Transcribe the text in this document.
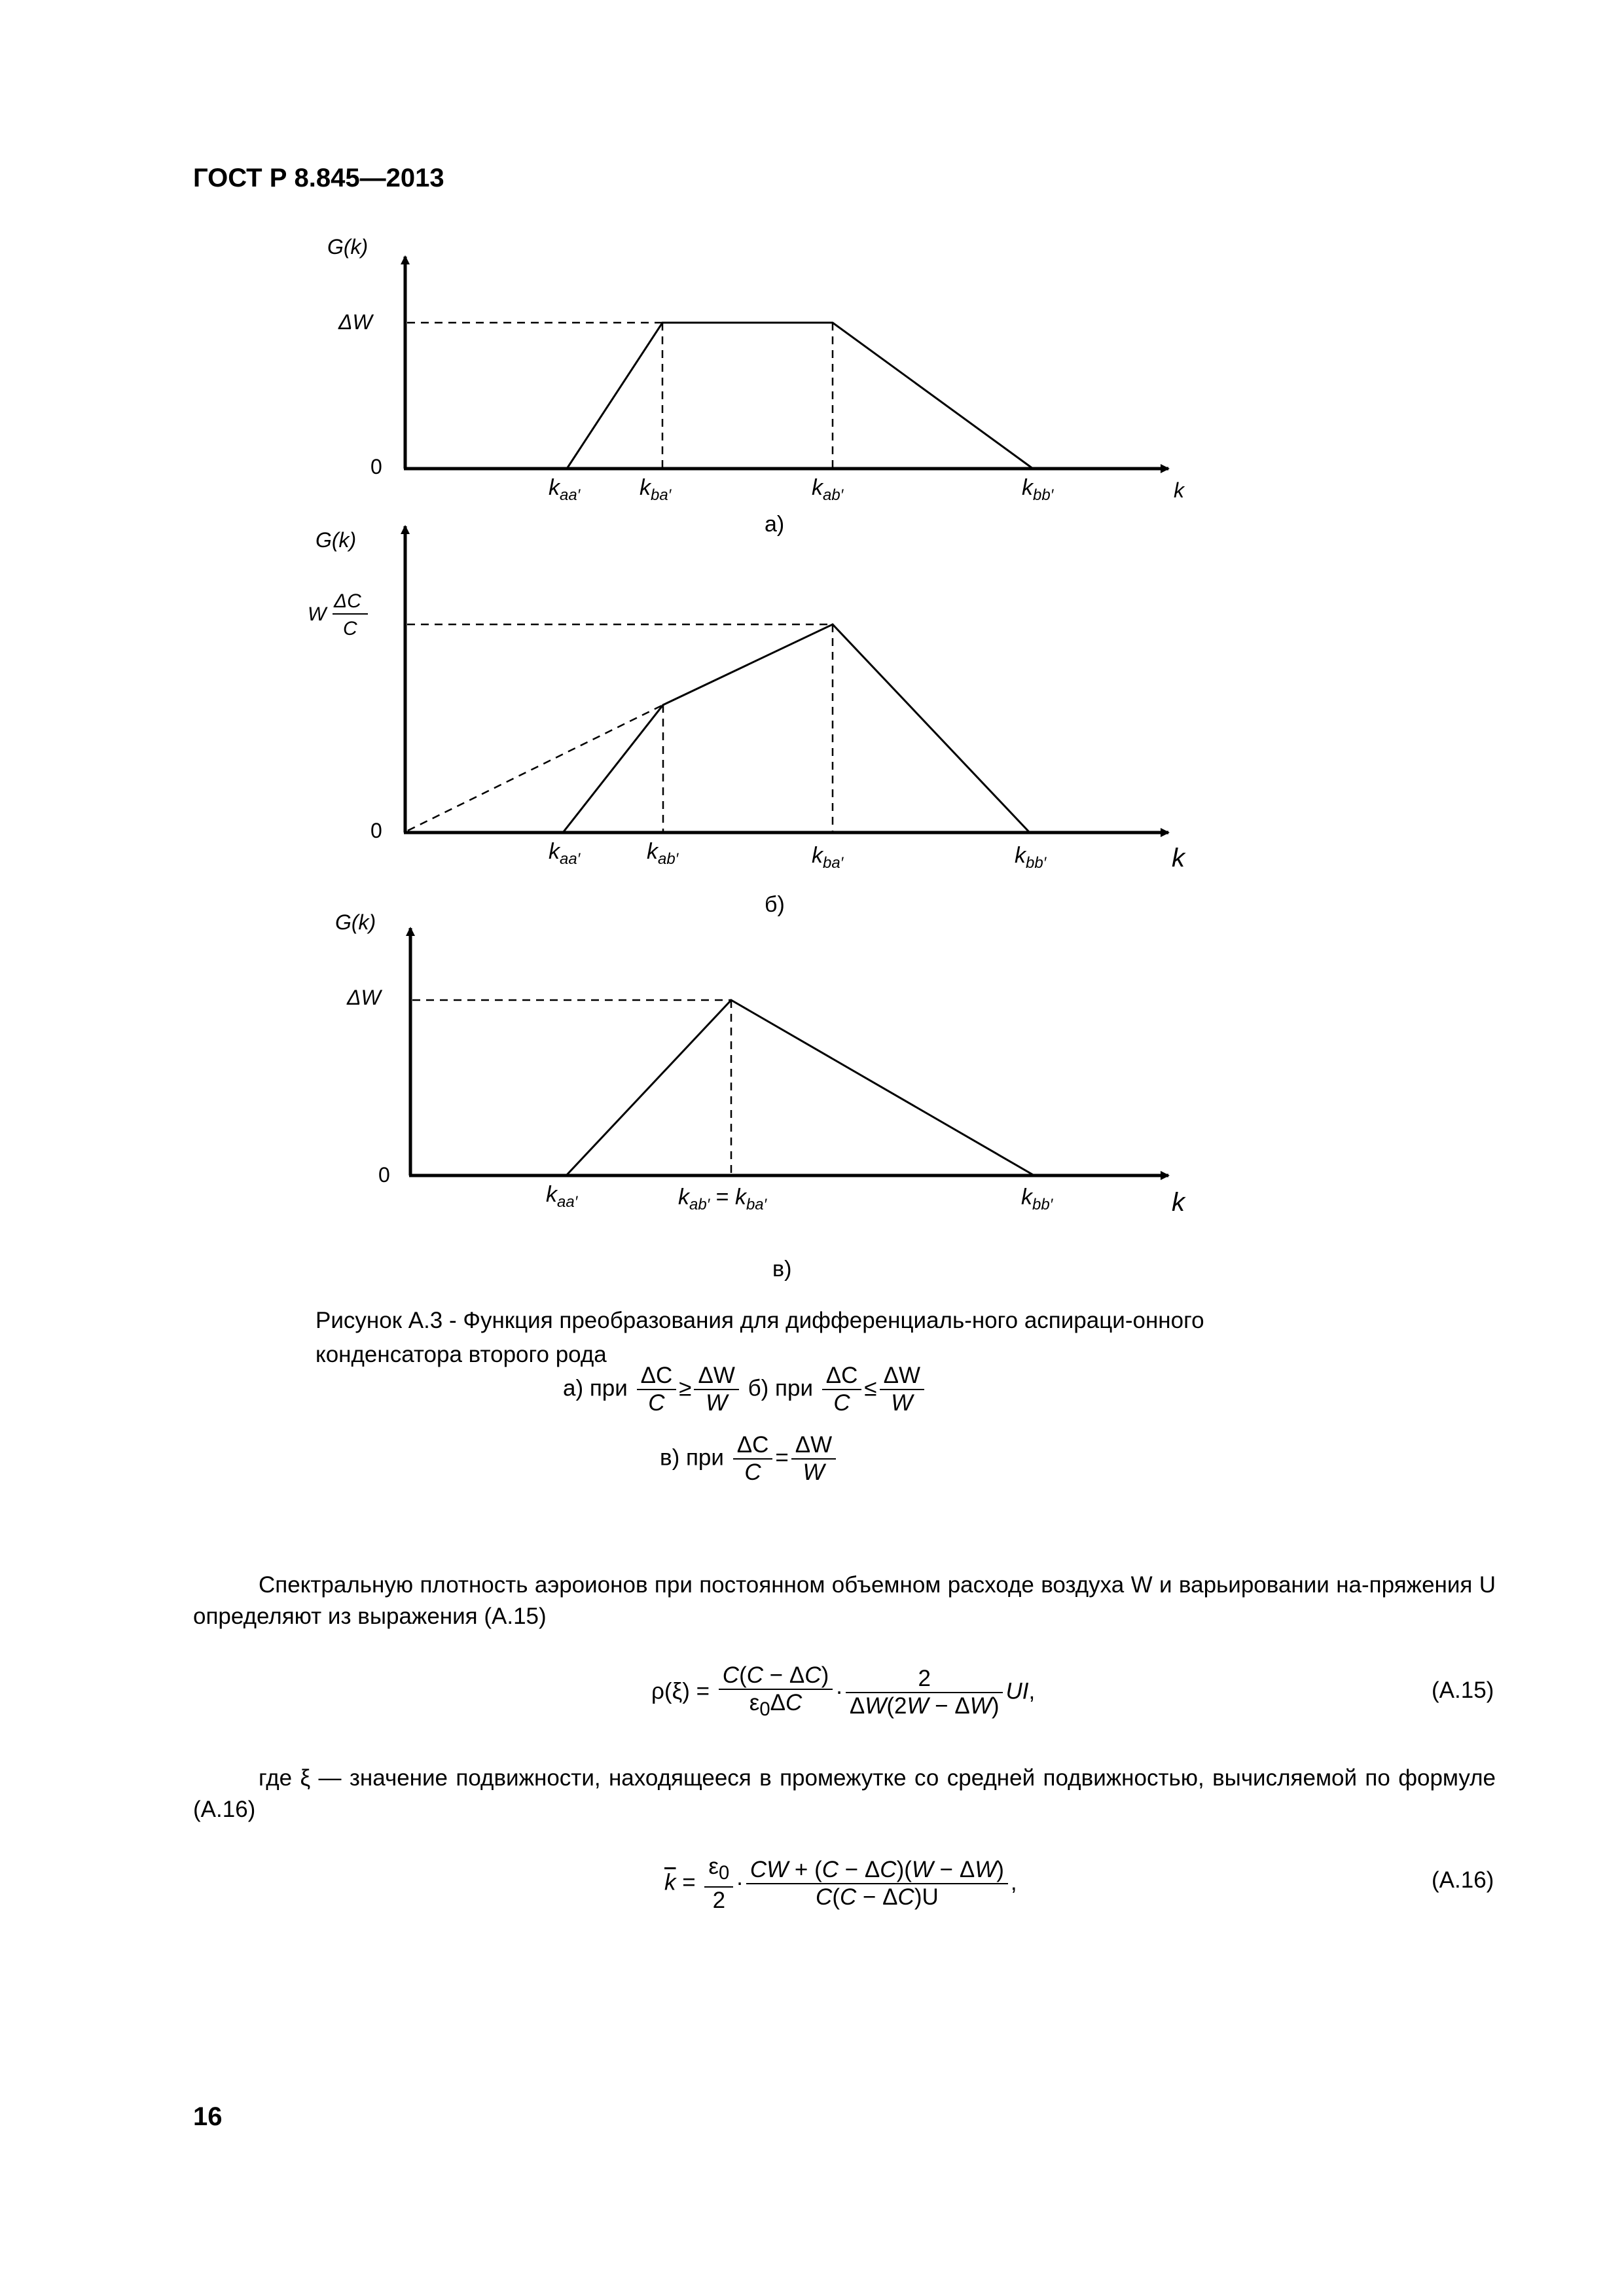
ГОСТ Р 8.845—2013
G(k)
ΔW
0
k
$k_{aa'}$	$k_{ba'}$	$k_{ab'}$	$k_{bb'}$
а)
G(k)
W
ΔC
C
0
k
$k_{aa'}$	$k_{ab'}$	$k_{ba'}$	$k_{bb'}$
б)
G(k)
ΔW
0
k
$k_{aa'}$	$k_{ab'} = k_{ba'}$	$k_{bb'}$
в)
Рисунок А.3 - Функция преобразования для дифференциаль-ного аспираци-онного конденсатора второго рода
а) при $\frac{\Delta C}{C} \ge \frac{\Delta W}{W} б$) при $\frac{\Delta C}{C} \le \frac{\Delta W}{W}$
в) при $\frac{\Delta C}{C} = \frac{\Delta W}{W}$
Спектральную плотность аэроионов при постоянном объемном расходе воздуха W и варьировании на-пряжения U определяют из выражения (А.15)
$\rho(\xi) = \frac{C(C - \Delta C)}{\varepsilon_0\Delta C} \cdot \frac{2}{\Delta W(2W - \Delta W)}$ UI,	(А.15)
где ξ — значение подвижности, находящееся в промежутке со средней подвижностью, вычисляемой по формуле (А.16)
$\overline{k} = \frac{\varepsilon_0}{2} \cdot \frac{CW + (C - \Delta C)(W - \Delta W)}{C(C - \Delta C)U}$ ,	(А.16)
16
